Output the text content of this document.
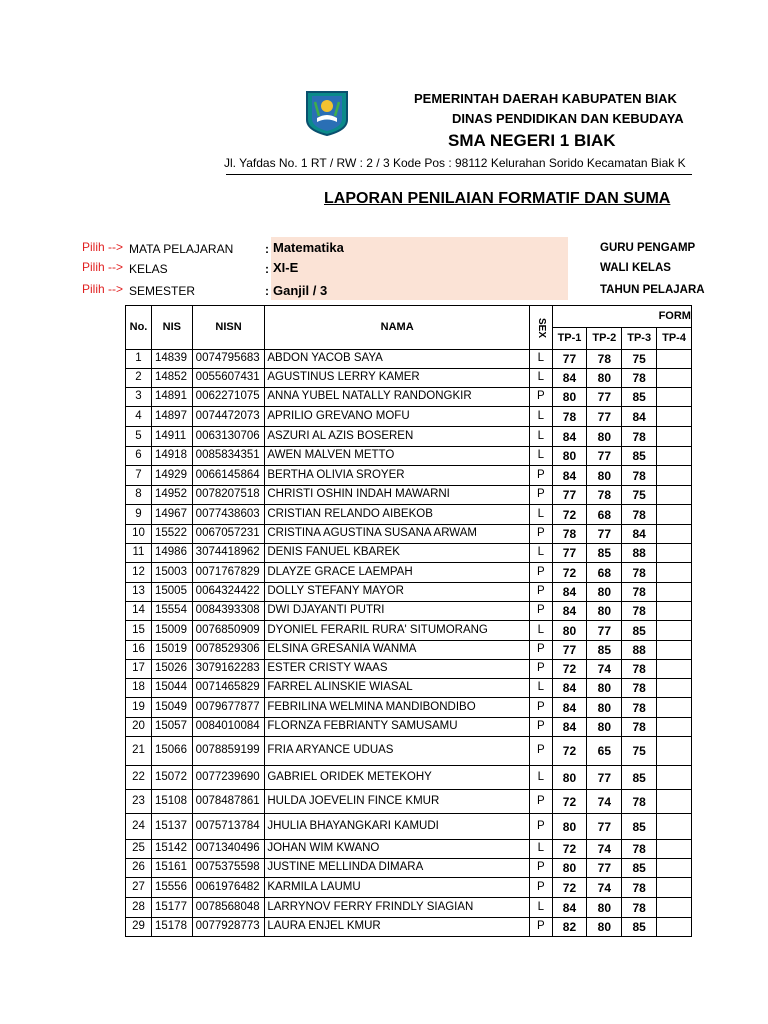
PEMERINTAH DAERAH KABUPATEN BIAK
DINAS PENDIDIKAN DAN KEBUDAYA
SMA NEGERI 1 BIAK
Jl. Yafdas No. 1 RT / RW : 2 / 3 Kode Pos : 98112 Kelurahan Sorido Kecamatan Biak K
LAPORAN PENILAIAN FORMATIF DAN SUMA
Pilih --> MATA PELAJARAN	: Matematika
Pilih --> KELAS	: XI-E
Pilih --> SEMESTER	: Ganjil / 3
GURU PENGAMP
WALI KELAS
TAHUN PELAJARA
No.	NIS	NISN	NAMA	SEX	FORM			
					TP-1	TP-2	TP-3	TP-4
1	14839	0074795683	ABDON YACOB SAYA	L	77	78	75	
2	14852	0055607431	AGUSTINUS LERRY KAMER	L	84	80	78	
3	14891	0062271075	ANNA YUBEL NATALLY RANDONGKIR	P	80	77	85	
4	14897	0074472073	APRILIO GREVANO MOFU	L	78	77	84	
5	14911	0063130706	ASZURI AL AZIS BOSEREN	L	84	80	78	
6	14918	0085834351	AWEN MALVEN METTO	L	80	77	85	
7	14929	0066145864	BERTHA OLIVIA SROYER	P	84	80	78	
8	14952	0078207518	CHRISTI OSHIN INDAH MAWARNI	P	77	78	75	
9	14967	0077438603	CRISTIAN RELANDO AIBEKOB	L	72	68	78	
10	15522	0067057231	CRISTINA AGUSTINA SUSANA ARWAM	P	78	77	84	
11	14986	3074418962	DENIS FANUEL KBAREK	L	77	85	88	
12	15003	0071767829	DLAYZE GRACE LAEMPAH	P	72	68	78	
13	15005	0064324422	DOLLY STEFANY MAYOR	P	84	80	78	
14	15554	0084393308	DWI DJAYANTI PUTRI	P	84	80	78	
15	15009	0076850909	DYONIEL FERARIL RURA' SITUMORANG	L	80	77	85	
16	15019	0078529306	ELSINA GRESANIA WANMA	P	77	85	88	
17	15026	3079162283	ESTER CRISTY WAAS	P	72	74	78	
18	15044	0071465829	FARREL ALINSKIE WIASAL	L	84	80	78	
19	15049	0079677877	FEBRILINA WELMINA MANDIBONDIBO	P	84	80	78	
20	15057	0084010084	FLORNZA FEBRIANTY SAMUSAMU	P	84	80	78	
21	15066	0078859199	FRIA ARYANCE UDUAS	P	72	65	75	
22	15072	0077239690	GABRIEL ORIDEK METEKOHY	L	80	77	85	
23	15108	0078487861	HULDA JOEVELIN FINCE KMUR	P	72	74	78	
24	15137	0075713784	JHULIA BHAYANGKARI KAMUDI	P	80	77	85	
25	15142	0071340496	JOHAN WIM KWANO	L	72	74	78	
26	15161	0075375598	JUSTINE MELLINDA DIMARA	P	80	77	85	
27	15556	0061976482	KARMILA LAUMU	P	72	74	78	
28	15177	0078568048	LARRYNOV FERRY FRINDLY SIAGIAN	L	84	80	78	
29	15178	0077928773	LAURA ENJEL KMUR	P	82	80	85	
